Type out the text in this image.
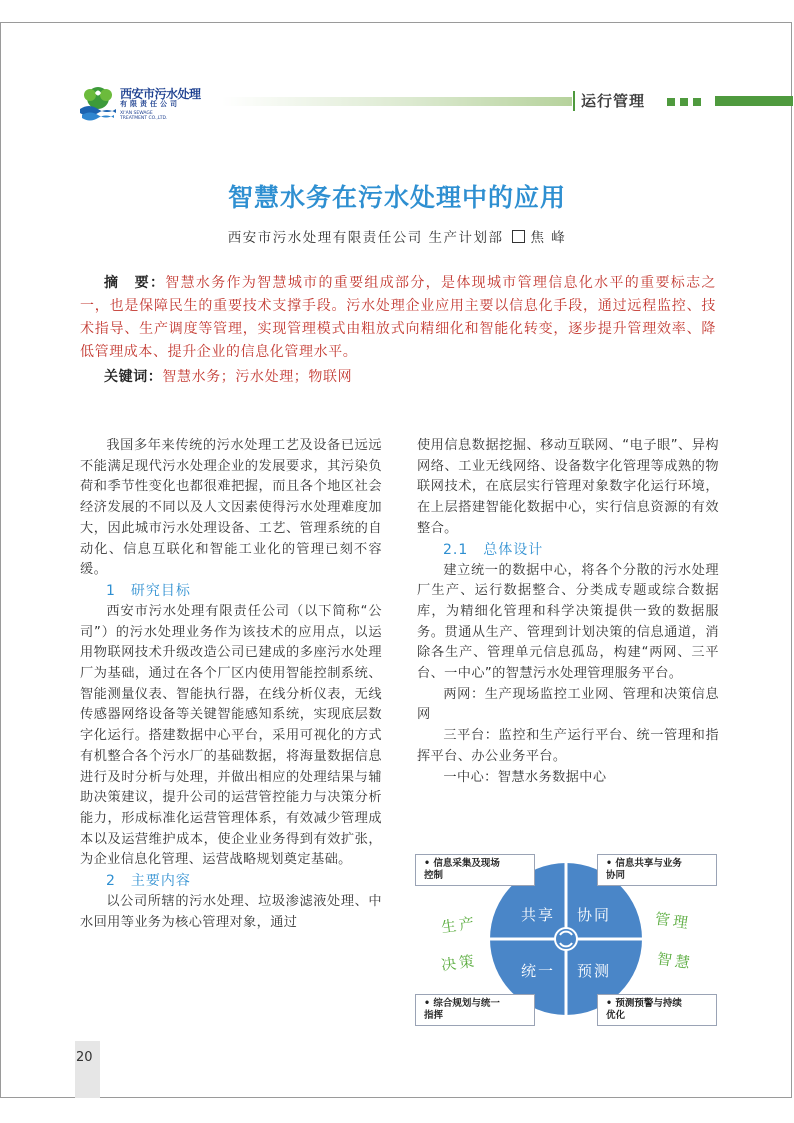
西安市污水处理
有限责任公司
XI'AN SEWAGE
TREATMENT CO.,LTD.
运行管理
智慧水务在污水处理中的应用
西安市污水处理有限责任公司 生产计划部 焦 峰
摘　要：智慧水务作为智慧城市的重要组成部分，是体现城市管理信息化水平的重要标志之一，也是保障民生的重要技术支撑手段。污水处理企业应用主要以信息化手段，通过远程监控、技术指导、生产调度等管理，实现管理模式由粗放式向精细化和智能化转变，逐步提升管理效率、降低管理成本、提升企业的信息化管理水平。
关键词：智慧水务；污水处理；物联网

我国多年来传统的污水处理工艺及设备已远远不能满足现代污水处理企业的发展要求，其污染负荷和季节性变化也都很难把握，而且各个地区社会经济发展的不同以及人文因素使得污水处理难度加大，因此城市污水处理设备、工艺、管理系统的自动化、信息互联化和智能工业化的管理已刻不容缓。

1　研究目标

西安市污水处理有限责任公司（以下简称“公司”）的污水处理业务作为该技术的应用点，以运用物联网技术升级改造公司已建成的多座污水处理厂为基础，通过在各个厂区内使用智能控制系统、智能测量仪表、智能执行器，在线分析仪表，无线传感器网络设备等关键智能感知系统，实现底层数字化运行。搭建数据中心平台，采用可视化的方式有机整合各个污水厂的基础数据，将海量数据信息进行及时分析与处理，并做出相应的处理结果与辅助决策建议，提升公司的运营管控能力与决策分析能力，形成标准化运营管理体系，有效减少管理成本以及运营维护成本，使企业业务得到有效扩张，为企业信息化管理、运营战略规划奠定基础。

2　主要内容

以公司所辖的污水处理、垃圾渗滤液处理、中水回用等业务为核心管理对象，通过

使用信息数据挖掘、移动互联网、“电子眼”、异构网络、工业无线网络、设备数字化管理等成熟的物联网技术，在底层实行管理对象数字化运行环境，在上层搭建智能化数据中心，实行信息资源的有效整合。

2.1　总体设计

建立统一的数据中心，将各个分散的污水处理厂生产、运行数据整合、分类成专题或综合数据库，为精细化管理和科学决策提供一致的数据服务。贯通从生产、管理到计划决策的信息通道，消除各生产、管理单元信息孤岛，构建“两网、三平台、一中心”的智慧污水处理管理服务平台。

两网：生产现场监控工业网、管理和决策信息网

三平台：监控和生产运行平台、统一管理和指挥平台、办公业务平台。

一中心：智慧水务数据中心

• 信息采集及现场
控制
• 信息共享与业务
协同
• 综合规划与统一
指挥
• 预测预警与持续
优化
共享 协同
统一 预测
生产
决策
管理
智慧
20
